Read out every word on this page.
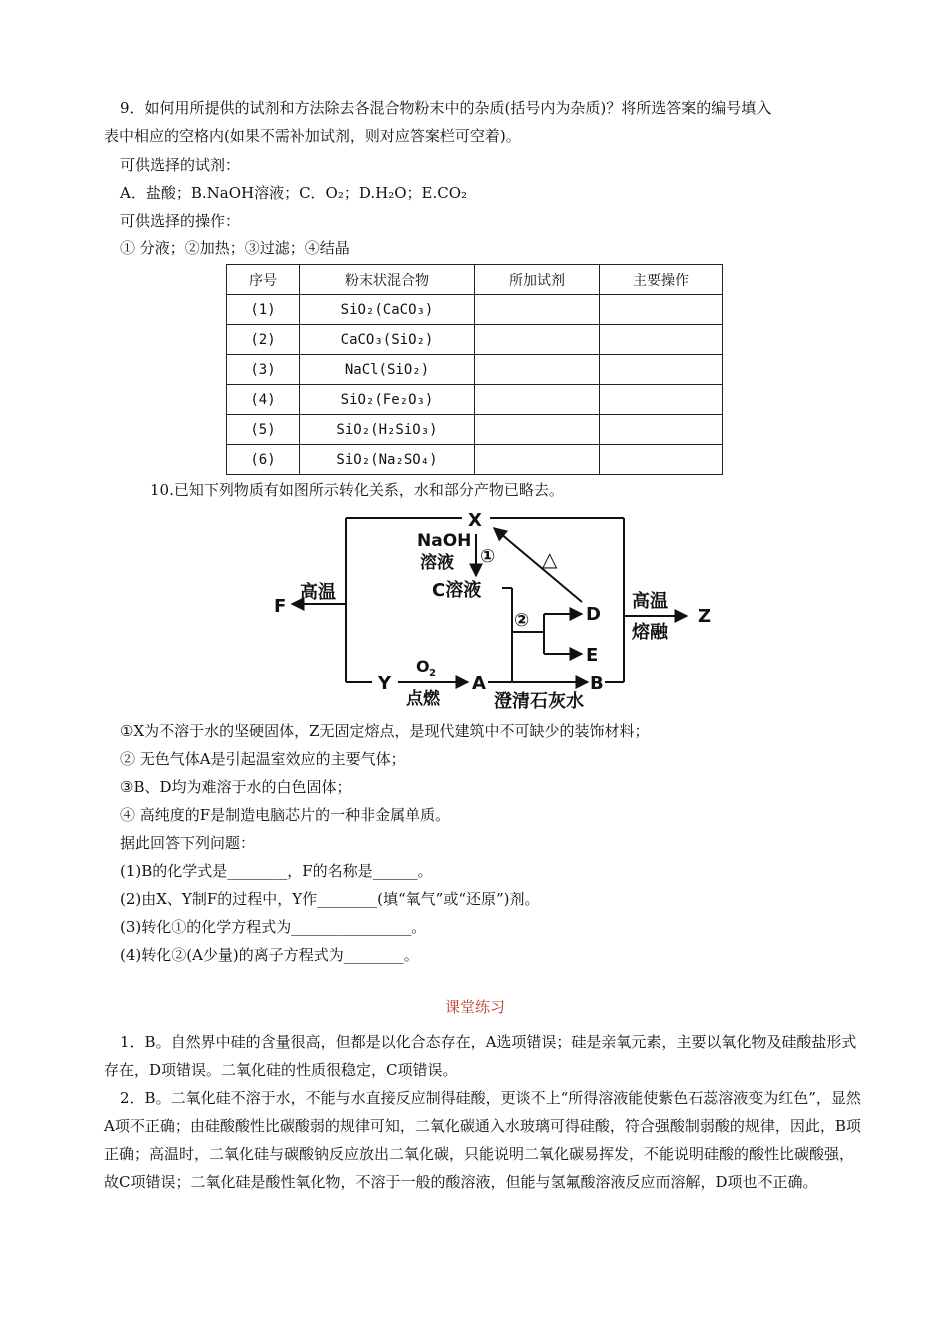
9．如何用所提供的试剂和方法除去各混合物粉末中的杂质(括号内为杂质)？将所选答案的编号填入
表中相应的空格内(如果不需补加试剂，则对应答案栏可空着)。
可供选择的试剂：
A．盐酸；B.NaOH溶液；C．O₂；D.H₂O；E.CO₂
可供选择的操作：
① 分液；②加热；③过滤；④结晶
序号	粉末状混合物	所加试剂	主要操作
(1)	SiO₂(CaCO₃)		
(2)	CaCO₃(SiO₂)		
(3)	NaCl(SiO₂)		
(4)	SiO₂(Fe₂O₃)		
(5)	SiO₂(H₂SiO₃)		
(6)	SiO₂(Na₂SO₄)		
10.已知下列物质有如图所示转化关系，水和部分产物已略去。
X
NaOH
溶液 ① △
C溶液
高温
F
②	D
高温
熔融
Z
E
Y
O 2
点燃
A	B
澄清石灰水
①X为不溶于水的坚硬固体，Z无固定熔点，是现代建筑中不可缺少的装饰材料；
② 无色气体A是引起温室效应的主要气体；
③B、D均为难溶于水的白色固体；
④ 高纯度的F是制造电脑芯片的一种非金属单质。
据此回答下列问题：
(1)B的化学式是________，F的名称是______。
(2)由X、Y制F的过程中，Y作________(填“氧气”或“还原”)剂。
(3)转化①的化学方程式为________________。
(4)转化②(A少量)的离子方程式为________。
课堂练习
1．B。自然界中硅的含量很高，但都是以化合态存在，A选项错误；硅是亲氧元素，主要以氧化物及硅酸盐形式存在，D项错误。二氧化硅的性质很稳定，C项错误。
2．B。二氧化硅不溶于水，不能与水直接反应制得硅酸，更谈不上“所得溶液能使紫色石蕊溶液变为红色”，显然A项不正确；由硅酸酸性比碳酸弱的规律可知，二氧化碳通入水玻璃可得硅酸，符合强酸制弱酸的规律，因此，B项正确；高温时，二氧化硅与碳酸钠反应放出二氧化碳，只能说明二氧化碳易挥发，不能说明硅酸的酸性比碳酸强，故C项错误；二氧化硅是酸性氧化物，不溶于一般的酸溶液，但能与氢氟酸溶液反应而溶解，D项也不正确。
